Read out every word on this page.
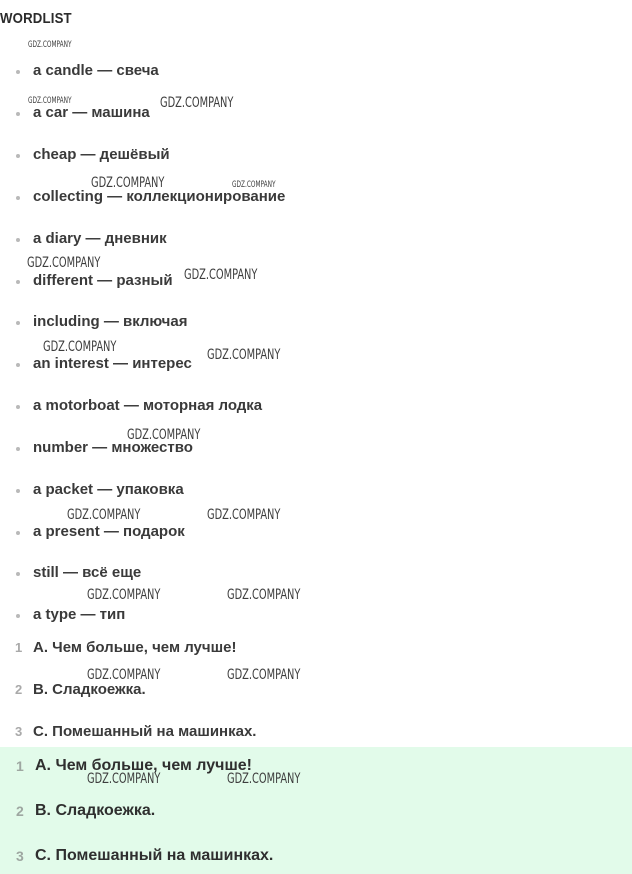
WORDLIST
a candle — свеча
a car — машина
cheap — дешёвый
collecting — коллекционирование
a diary — дневник
different — разный
including — включая
an interest — интерес
a motorboat — моторная лодка
number — множество
a packet — упаковка
a present — подарок
still — всё еще
a type — тип
1 A. Чем больше, чем лучше!
2 B. Сладкоежка.
3 C. Помешанный на машинках.
1 A. Чем больше, чем лучше!
2 B. Сладкоежка.
3 C. Помешанный на машинках.
GDZ.COMPANY
GDZ.COMPANY	GDZ.COMPANY
GDZ.COMPANY	GDZ.COMPANY
GDZ.COMPANY
GDZ.COMPANY
GDZ.COMPANY	GDZ.COMPANY
GDZ.COMPANY
GDZ.COMPANY	GDZ.COMPANY
GDZ.COMPANY	GDZ.COMPANY
GDZ.COMPANY	GDZ.COMPANY
GDZ.COMPANY	GDZ.COMPANY
